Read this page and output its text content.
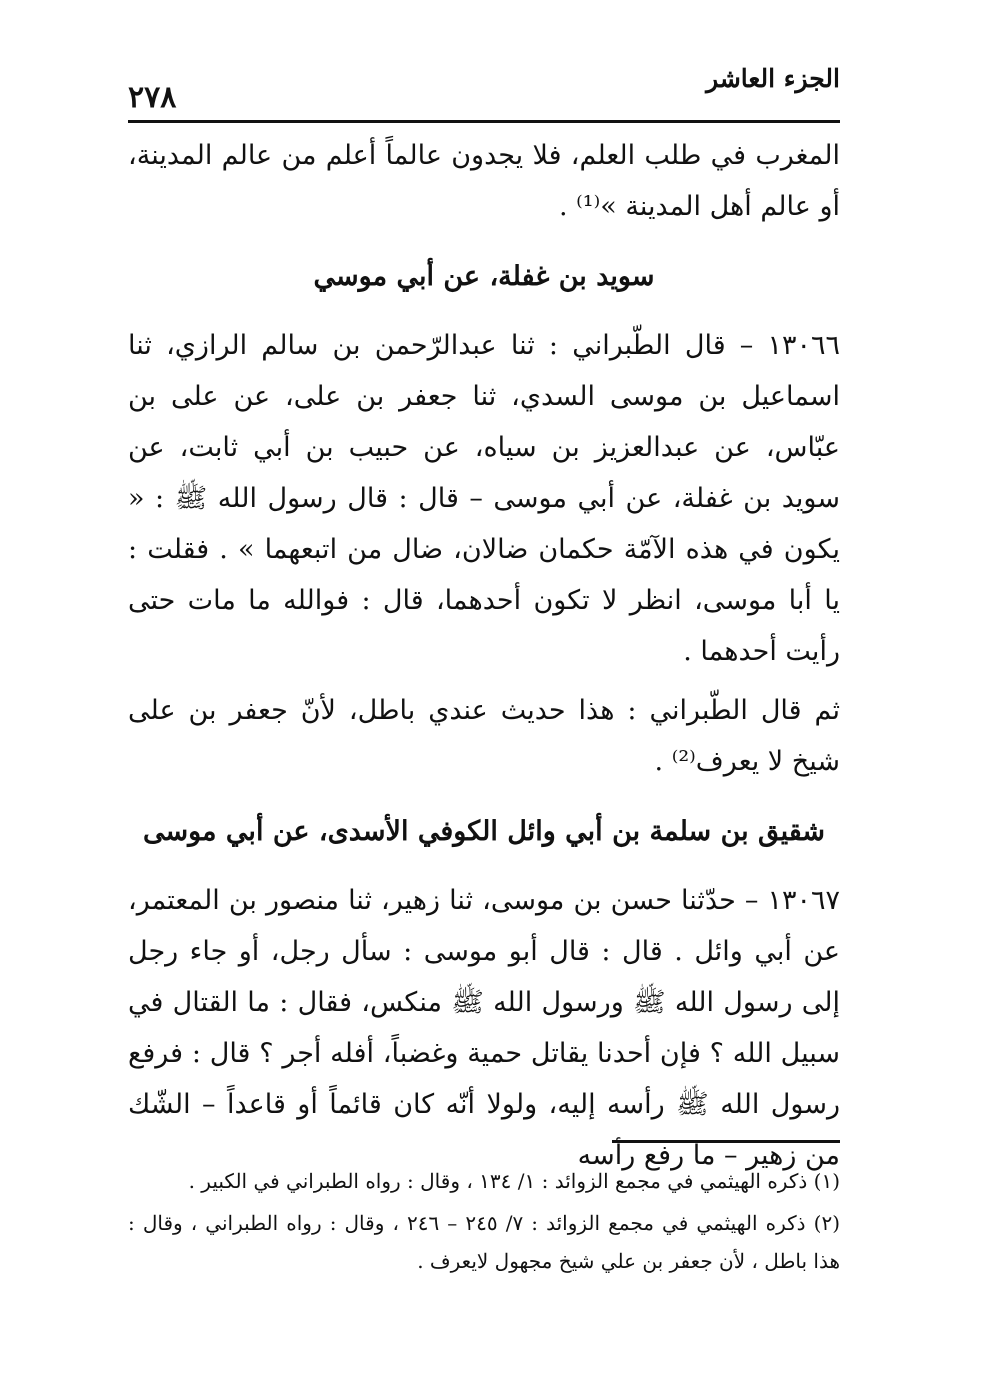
الجزء العاشر
٢٧٨

المغرب في طلب العلم، فلا يجدون عالماً أعلم من عالم المدينة، أو عالم أهل المدينة »⁽¹⁾ .

سويد بن غفلة، عن أبي موسي

١٣٠٦٦ – قال الطّبراني : ثنا عبدالرّحمن بن سالم الرازي، ثنا اسماعيل بن موسى السدي، ثنا جعفر بن على، عن على بن عبّاس، عن عبدالعزيز بن سياه، عن حبيب بن أبي ثابت، عن سويد بن غفلة، عن أبي موسى – قال : قال رسول الله ﷺ : « يكون في هذه الآمّة حكمان ضالان، ضال من اتبعهما » . فقلت : يا أبا موسى، انظر لا تكون أحدهما، قال : فوالله ما مات حتى رأيت أحدهما .

ثم قال الطّبراني : هذا حديث عندي باطل، لأنّ جعفر بن على شيخ لا يعرف⁽²⁾ .

شقيق بن سلمة بن أبي وائل الكوفي الأسدى، عن أبي موسى

١٣٠٦٧ – حدّثنا حسن بن موسى، ثنا زهير، ثنا منصور بن المعتمر، عن أبي وائل . قال : قال أبو موسى : سأل رجل، أو جاء رجل إلى رسول الله ﷺ ورسول الله ﷺ منكس، فقال : ما القتال في سبيل الله ؟ فإن أحدنا يقاتل حمية وغضباً، أفله أجر ؟ قال : فرفع رسول الله ﷺ رأسه إليه، ولولا أنّه كان قائماً أو قاعداً – الشّك من زهير – ما رفع رأسه

(١) ذكره الهيثمي في مجمع الزوائد : ١/ ١٣٤ ، وقال : رواه الطبراني في الكبير .

(٢) ذكره الهيثمي في مجمع الزوائد : ٧/ ٢٤٥ – ٢٤٦ ، وقال : رواه الطبراني ، وقال : هذا باطل ، لأن جعفر بن علي شيخ مجهول لايعرف .
